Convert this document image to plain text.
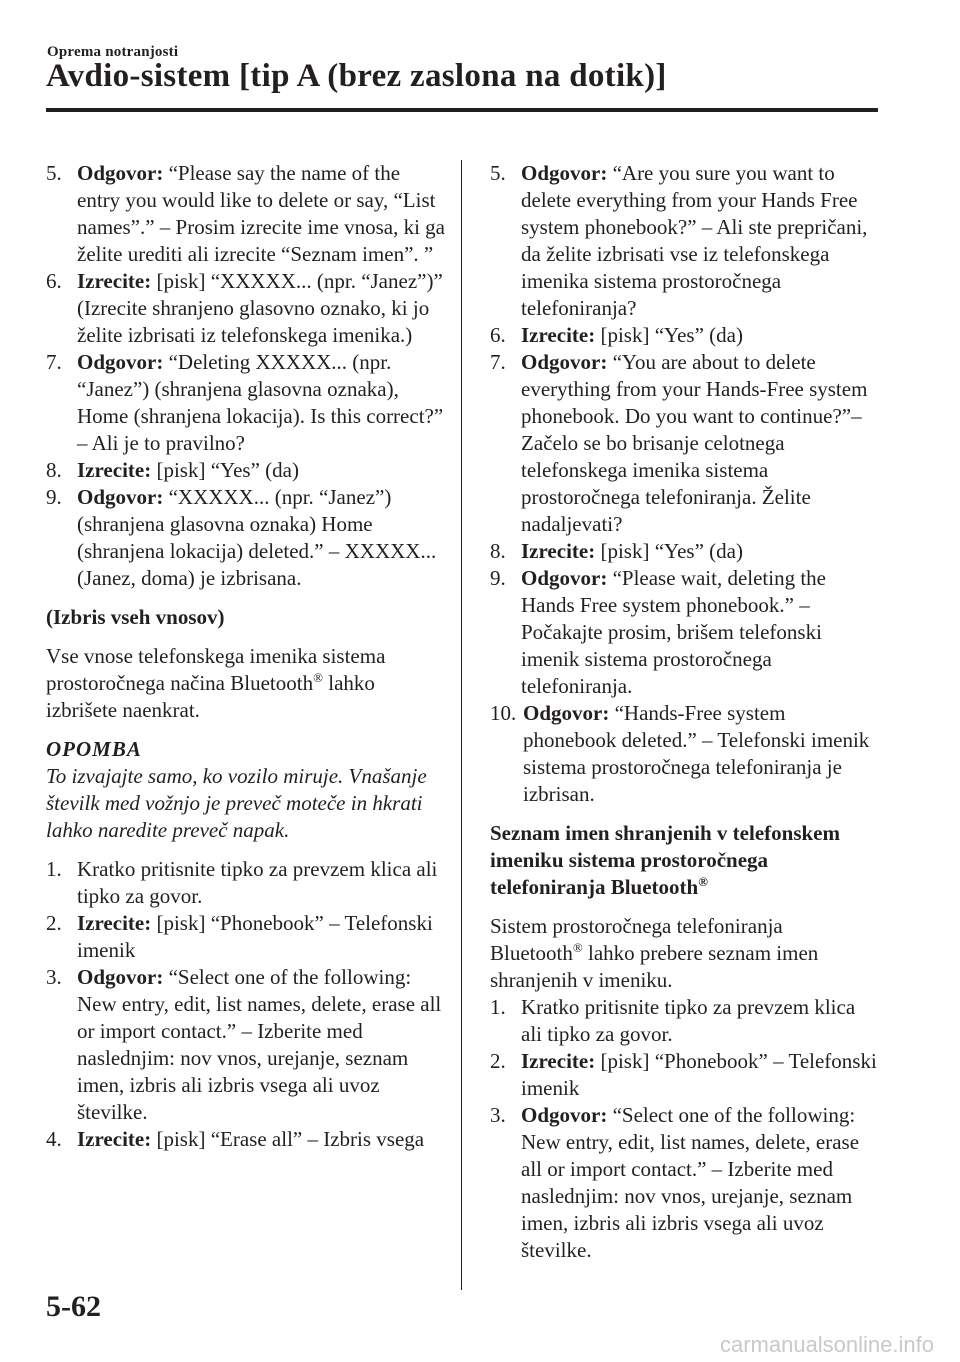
Oprema notranjosti
Avdio-sistem [tip A (brez zaslona na dotik)]
5. Odgovor: “Please say the name of the entry you would like to delete or say, “List names”.” – Prosim izrecite ime vnosa, ki ga želite urediti ali izrecite “Seznam imen”. ”
6. Izrecite: [pisk] “XXXXX... (npr. “Janez”)” (Izrecite shranjeno glasovno oznako, ki jo želite izbrisati iz telefonskega imenika.)
7. Odgovor: “Deleting XXXXX... (npr. “Janez”) (shranjena glasovna oznaka), Home (shranjena lokacija). Is this correct?” – Ali je to pravilno?
8. Izrecite: [pisk] “Yes” (da)
9. Odgovor: “XXXXX... (npr. “Janez”) (shranjena glasovna oznaka) Home (shranjena lokacija) deleted.” – XXXXX... (Janez, doma) je izbrisana.
(Izbris vseh vnosov)
Vse vnose telefonskega imenika sistema prostoročnega načina Bluetooth® lahko izbrišete naenkrat.
OPOMBA
To izvajajte samo, ko vozilo miruje. Vnašanje številk med vožnjo je preveč moteče in hkrati lahko naredite preveč napak.
1. Kratko pritisnite tipko za prevzem klica ali tipko za govor.
2. Izrecite: [pisk] “Phonebook” – Telefonski imenik
3. Odgovor: “Select one of the following: New entry, edit, list names, delete, erase all or import contact.” – Izberite med naslednjim: nov vnos, urejanje, seznam imen, izbris ali izbris vsega ali uvoz številke.
4. Izrecite: [pisk] “Erase all” – Izbris vsega
5. Odgovor: “Are you sure you want to delete everything from your Hands Free system phonebook?” – Ali ste prepričani, da želite izbrisati vse iz telefonskega imenika sistema prostoročnega telefoniranja?
6. Izrecite: [pisk] “Yes” (da)
7. Odgovor: “You are about to delete everything from your Hands-Free system phonebook. Do you want to continue?”– Začelo se bo brisanje celotnega telefonskega imenika sistema prostoročnega telefoniranja. Želite nadaljevati?
8. Izrecite: [pisk] “Yes” (da)
9. Odgovor: “Please wait, deleting the Hands Free system phonebook.” – Počakajte prosim, brišem telefonski imenik sistema prostoročnega telefoniranja.
10. Odgovor: “Hands-Free system phonebook deleted.” – Telefonski imenik sistema prostoročnega telefoniranja je izbrisan.
Seznam imen shranjenih v telefonskem imeniku sistema prostoročnega telefoniranja Bluetooth®
Sistem prostoročnega telefoniranja Bluetooth® lahko prebere seznam imen shranjenih v imeniku.
1. Kratko pritisnite tipko za prevzem klica ali tipko za govor.
2. Izrecite: [pisk] “Phonebook” – Telefonski imenik
3. Odgovor: “Select one of the following: New entry, edit, list names, delete, erase all or import contact.” – Izberite med naslednjim: nov vnos, urejanje, seznam imen, izbris ali izbris vsega ali uvoz številke.
5-62
carmanualsonline.info
